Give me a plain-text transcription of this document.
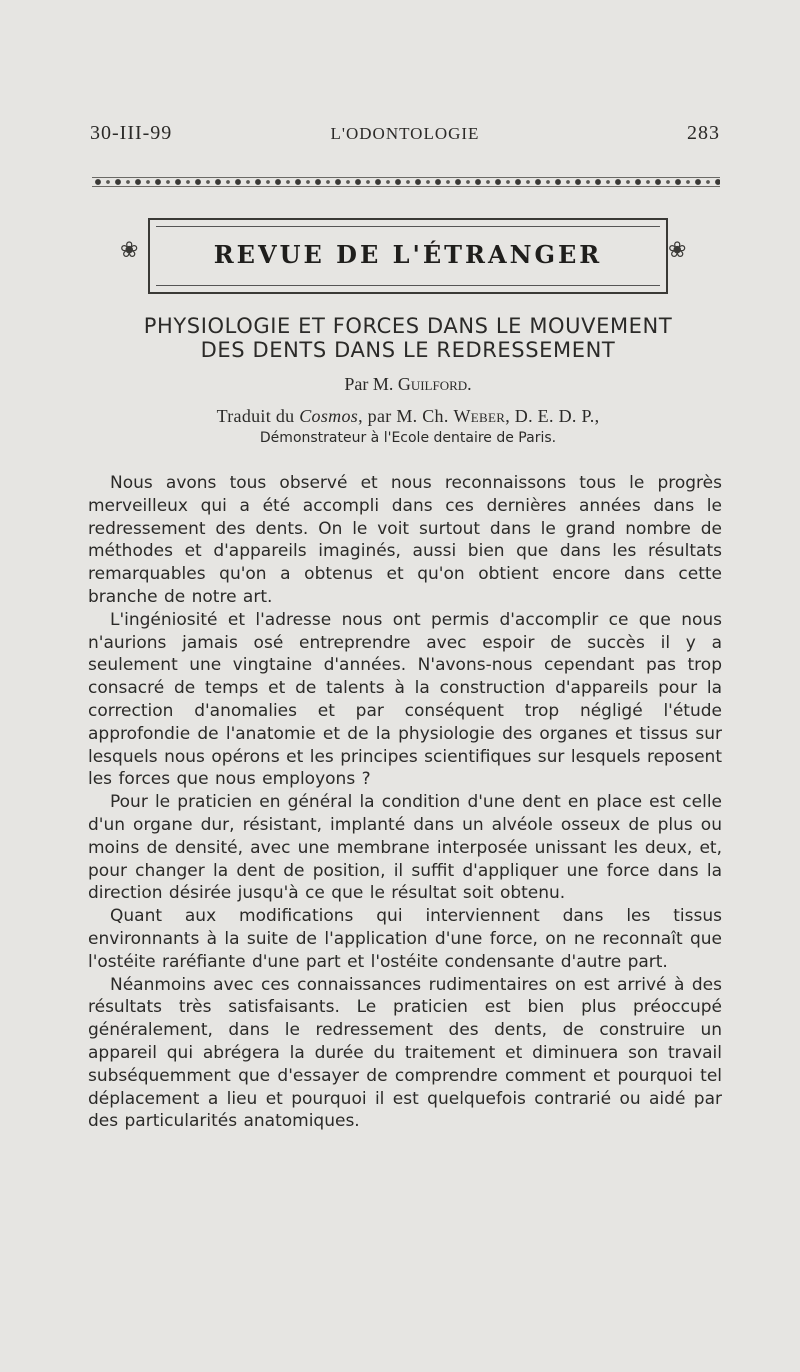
30-III-99	L'ODONTOLOGIE	283
❀	REVUE DE L'ÉTRANGER	❀
PHYSIOLOGIE ET FORCES DANS LE MOUVEMENT
DES DENTS DANS LE REDRESSEMENT
Par M. Guilford.
Traduit du Cosmos, par M. Ch. Weber, D. E. D. P.,
Démonstrateur à l'Ecole dentaire de Paris.

Nous avons tous observé et nous reconnaissons tous le progrès merveilleux qui a été accompli dans ces dernières années dans le redressement des dents. On le voit surtout dans le grand nombre de méthodes et d'appareils imaginés, aussi bien que dans les résultats remarquables qu'on a obtenus et qu'on obtient encore dans cette branche de notre art.

L'ingéniosité et l'adresse nous ont permis d'accomplir ce que nous n'aurions jamais osé entreprendre avec espoir de succès il y a seulement une vingtaine d'années. N'avons-nous cependant pas trop consacré de temps et de talents à la construction d'appareils pour la correction d'anomalies et par conséquent trop négligé l'étude approfondie de l'anatomie et de la physiologie des organes et tissus sur lesquels nous opérons et les principes scientifiques sur lesquels reposent les forces que nous employons ?

Pour le praticien en général la condition d'une dent en place est celle d'un organe dur, résistant, implanté dans un alvéole osseux de plus ou moins de densité, avec une membrane interposée unissant les deux, et, pour changer la dent de position, il suffit d'appliquer une force dans la direction désirée jusqu'à ce que le résultat soit obtenu.

Quant aux modifications qui interviennent dans les tissus environnants à la suite de l'application d'une force, on ne reconnaît que l'ostéite raréfiante d'une part et l'ostéite condensante d'autre part.

Néanmoins avec ces connaissances rudimentaires on est arrivé à des résultats très satisfaisants. Le praticien est bien plus préoccupé généralement, dans le redressement des dents, de construire un appareil qui abrégera la durée du traitement et diminuera son travail subséquemment que d'essayer de comprendre comment et pourquoi tel déplacement a lieu et pourquoi il est quelquefois contrarié ou aidé par des particularités anatomiques.
